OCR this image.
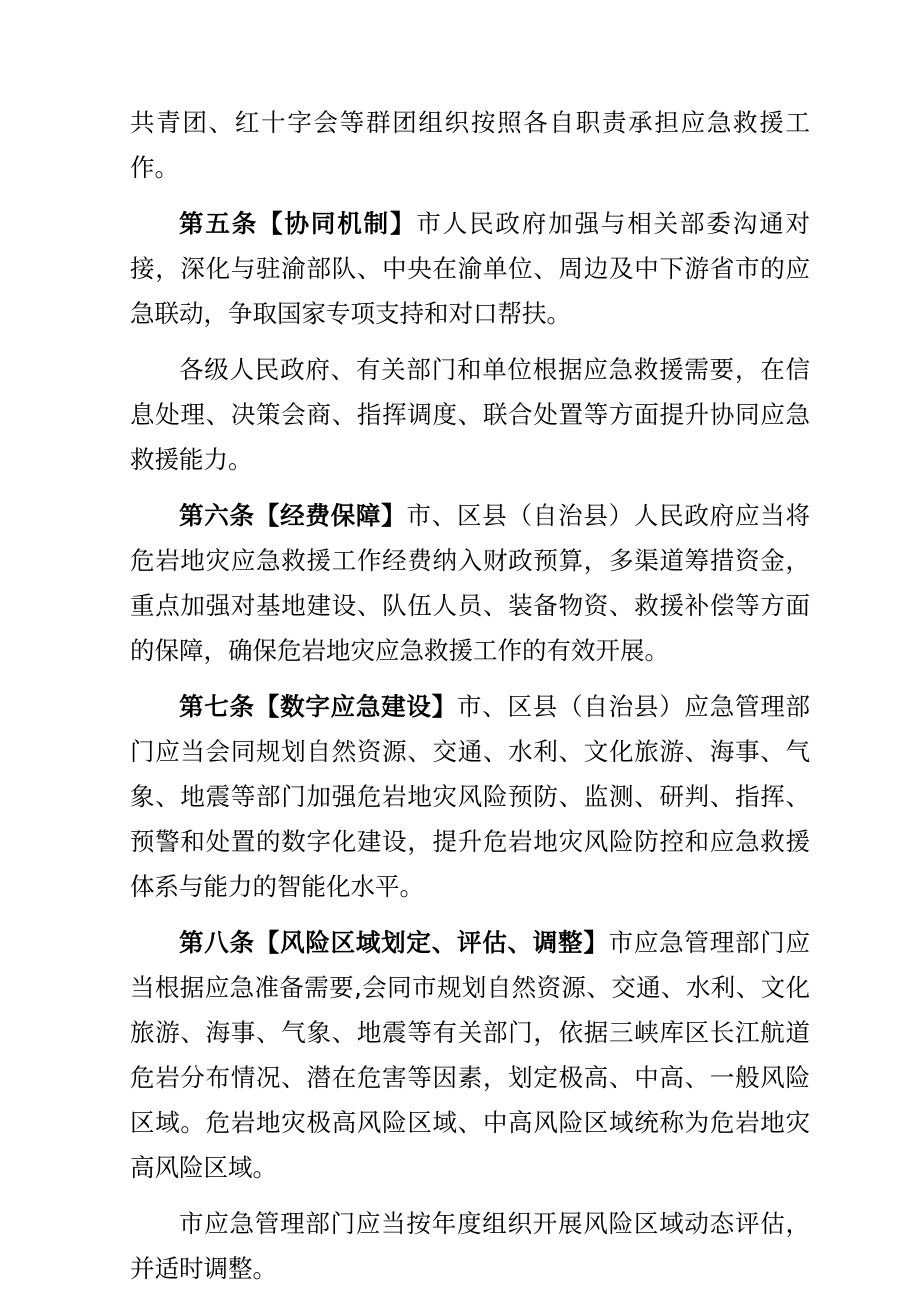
共青团、红十字会等群团组织按照各自职责承担应急救援工作。

第五条【协同机制】市人民政府加强与相关部委沟通对接，深化与驻渝部队、中央在渝单位、周边及中下游省市的应急联动，争取国家专项支持和对口帮扶。

各级人民政府、有关部门和单位根据应急救援需要，在信息处理、决策会商、指挥调度、联合处置等方面提升协同应急救援能力。

第六条【经费保障】市、区县（自治县）人民政府应当将危岩地灾应急救援工作经费纳入财政预算，多渠道筹措资金，重点加强对基地建设、队伍人员、装备物资、救援补偿等方面的保障，确保危岩地灾应急救援工作的有效开展。

第七条【数字应急建设】市、区县（自治县）应急管理部门应当会同规划自然资源、交通、水利、文化旅游、海事、气象、地震等部门加强危岩地灾风险预防、监测、研判、指挥、预警和处置的数字化建设，提升危岩地灾风险防控和应急救援体系与能力的智能化水平。

第八条【风险区域划定、评估、调整】市应急管理部门应当根据应急准备需要,会同市规划自然资源、交通、水利、文化旅游、海事、气象、地震等有关部门，依据三峡库区长江航道危岩分布情况、潜在危害等因素，划定极高、中高、一般风险区域。危岩地灾极高风险区域、中高风险区域统称为危岩地灾高风险区域。

市应急管理部门应当按年度组织开展风险区域动态评估，并适时调整。
